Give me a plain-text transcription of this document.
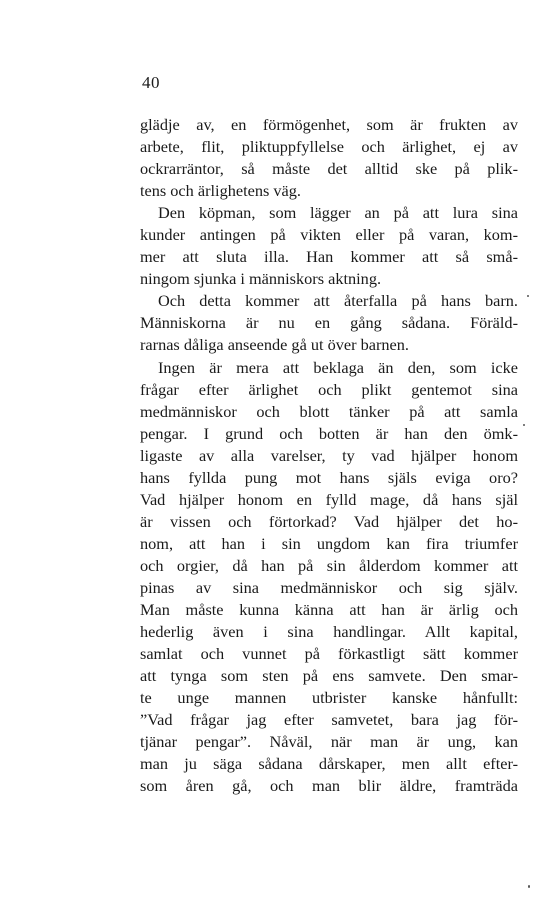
40
glädje av, en förmögenhet, som är frukten av
arbete, flit, pliktuppfyllelse och ärlighet, ej av
ockrarräntor, så måste det alltid ske på plik-
tens och ärlighetens väg.
Den köpman, som lägger an på att lura sina
kunder antingen på vikten eller på varan, kom-
mer att sluta illa. Han kommer att så små-
ningom sjunka i människors aktning.
Och detta kommer att återfalla på hans barn.
Människorna är nu en gång sådana. Föräld-
rarnas dåliga anseende gå ut över barnen.
Ingen är mera att beklaga än den, som icke
frågar efter ärlighet och plikt gentemot sina
medmänniskor och blott tänker på att samla
pengar. I grund och botten är han den ömk-
ligaste av alla varelser, ty vad hjälper honom
hans fyllda pung mot hans själs eviga oro?
Vad hjälper honom en fylld mage, då hans själ
är vissen och förtorkad? Vad hjälper det ho-
nom, att han i sin ungdom kan fira triumfer
och orgier, då han på sin ålderdom kommer att
pinas av sina medmänniskor och sig själv.
Man måste kunna känna att han är ärlig och
hederlig även i sina handlingar. Allt kapital,
samlat och vunnet på förkastligt sätt kommer
att tynga som sten på ens samvete. Den smar-
te unge mannen utbrister kanske hånfullt:
”Vad frågar jag efter samvetet, bara jag för-
tjänar pengar”. Nåväl, när man är ung, kan
man ju säga sådana dårskaper, men allt efter-
som åren gå, och man blir äldre, framträda
